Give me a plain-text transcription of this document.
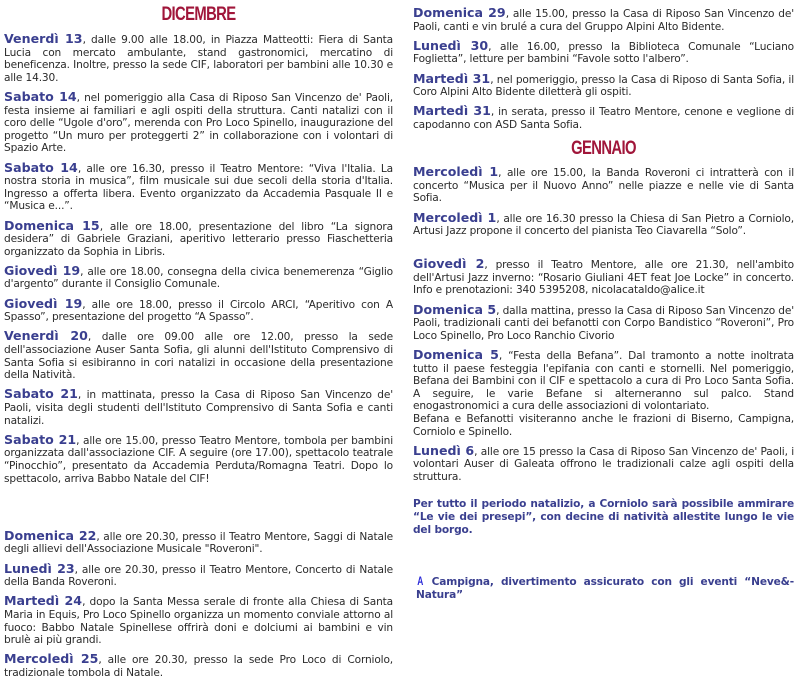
DICEMBRE

Venerdì 13, dalle 9.00 alle 18.00, in Piazza Matteotti: Fiera di Santa Lucia con mercato ambulante, stand gastronomici, mercatino di beneficenza. Inoltre, presso la sede CIF, laboratori per bambini alle 10.30 e alle 14.30.

Sabato 14, nel pomeriggio alla Casa di Riposo San Vincenzo de' Paoli, festa insieme ai familiari e agli ospiti della struttura. Canti natalizi con il coro delle “Ugole d'oro”, merenda con Pro Loco Spinello, inaugurazione del progetto “Un muro per proteggerti 2” in collaborazione con i volontari di Spazio Arte.

Sabato 14, alle ore 16.30, presso il Teatro Mentore: “Viva l'Italia. La nostra storia in musica”, film musicale sui due secoli della storia d'Italia. Ingresso a offerta libera. Evento organizzato da Accademia Pasquale II e “Musica e...”.

Domenica 15, alle ore 18.00, presentazione del libro “La signora desidera” di Gabriele Graziani, aperitivo letterario presso Fiaschetteria organizzato da Sophia in Libris.

Giovedì 19, alle ore 18.00, consegna della civica benemerenza “Giglio d'argento” durante il Consiglio Comunale.

Giovedì 19, alle ore 18.00, presso il Circolo ARCI, “Aperitivo con A Spasso”, presentazione del progetto “A Spasso”.

Venerdì 20, dalle ore 09.00 alle ore 12.00, presso la sede dell'associazione Auser Santa Sofia, gli alunni dell'Istituto Comprensivo di Santa Sofia si esibiranno in cori natalizi in occasione della presentazione della Natività.

Sabato 21, in mattinata, presso la Casa di Riposo San Vincenzo de' Paoli, visita degli studenti dell'Istituto Comprensivo di Santa Sofia e canti natalizi.

Sabato 21, alle ore 15.00, presso Teatro Mentore, tombola per bambini organizzata dall'associazione CIF. A seguire (ore 17.00), spettacolo teatrale “Pinocchio”, presentato da Accademia Perduta/Romagna Teatri. Dopo lo spettacolo, arriva Babbo Natale del CIF!

Domenica 22, alle ore 20.30, presso il Teatro Mentore, Saggi di Natale degli allievi dell'Associazione Musicale "Roveroni".

Lunedì 23, alle ore 20.30, presso il Teatro Mentore, Concerto di Natale della Banda Roveroni.

Martedì 24, dopo la Santa Messa serale di fronte alla Chiesa di Santa Maria in Equis, Pro Loco Spinello organizza un momento conviale attorno al fuoco: Babbo Natale Spinellese offrirà doni e dolciumi ai bambini e vin brulè ai più grandi.

Mercoledì 25, alle ore 20.30, presso la sede Pro Loco di Corniolo, tradizionale tombola di Natale.

Domenica 29, alle 15.00, presso la Casa di Riposo San Vincenzo de' Paoli, canti e vin brulé a cura del Gruppo Alpini Alto Bidente.

Lunedì 30, alle 16.00, presso la Biblioteca Comunale “Luciano Foglietta”, letture per bambini “Favole sotto l'albero”.

Martedì 31, nel pomeriggio, presso la Casa di Riposo di Santa Sofia, il Coro Alpini Alto Bidente diletterà gli ospiti.

Martedì 31, in serata, presso il Teatro Mentore, cenone e veglione di capodanno con ASD Santa Sofia.

GENNAIO

Mercoledì 1, alle ore 15.00, la Banda Roveroni ci intratterà con il concerto “Musica per il Nuovo Anno” nelle piazze e nelle vie di Santa Sofia.

Mercoledì 1, alle ore 16.30 presso la Chiesa di San Pietro a Corniolo, Artusi Jazz propone il concerto del pianista Teo Ciavarella “Solo”.

Giovedì 2, presso il Teatro Mentore, alle ore 21.30, nell'ambito dell'Artusi Jazz inverno: “Rosario Giuliani 4ET feat Joe Locke” in concerto. Info e prenotazioni: 340 5395208, nicolacataldo@alice.it

Domenica 5, dalla mattina, presso la Casa di Riposo San Vincenzo de' Paoli, tradizionali canti dei befanotti con Corpo Bandistico “Roveroni”, Pro Loco Spinello, Pro Loco Ranchio Civorio

Domenica 5, “Festa della Befana”. Dal tramonto a notte inoltrata tutto il paese festeggia l'epifania con canti e stornelli. Nel pomeriggio, Befana dei Bambini con il CIF e spettacolo a cura di Pro Loco Santa Sofia. A seguire, le varie Befane si alterneranno sul palco. Stand enogastronomici a cura delle associazioni di volontariato.
Befana e Befanotti visiteranno anche le frazioni di Biserno, Campigna, Corniolo e Spinello.

Lunedì 6, alle ore 15 presso la Casa di Riposo San Vincenzo de' Paoli, i volontari Auser di Galeata offrono le tradizionali calze agli ospiti della struttura.

Per tutto il periodo natalizio, a Corniolo sarà possibile ammirare “Le vie dei presepi”, con decine di natività allestite lungo le vie del borgo.

A Campigna, divertimento assicurato con gli eventi “Neve&-Natura”
